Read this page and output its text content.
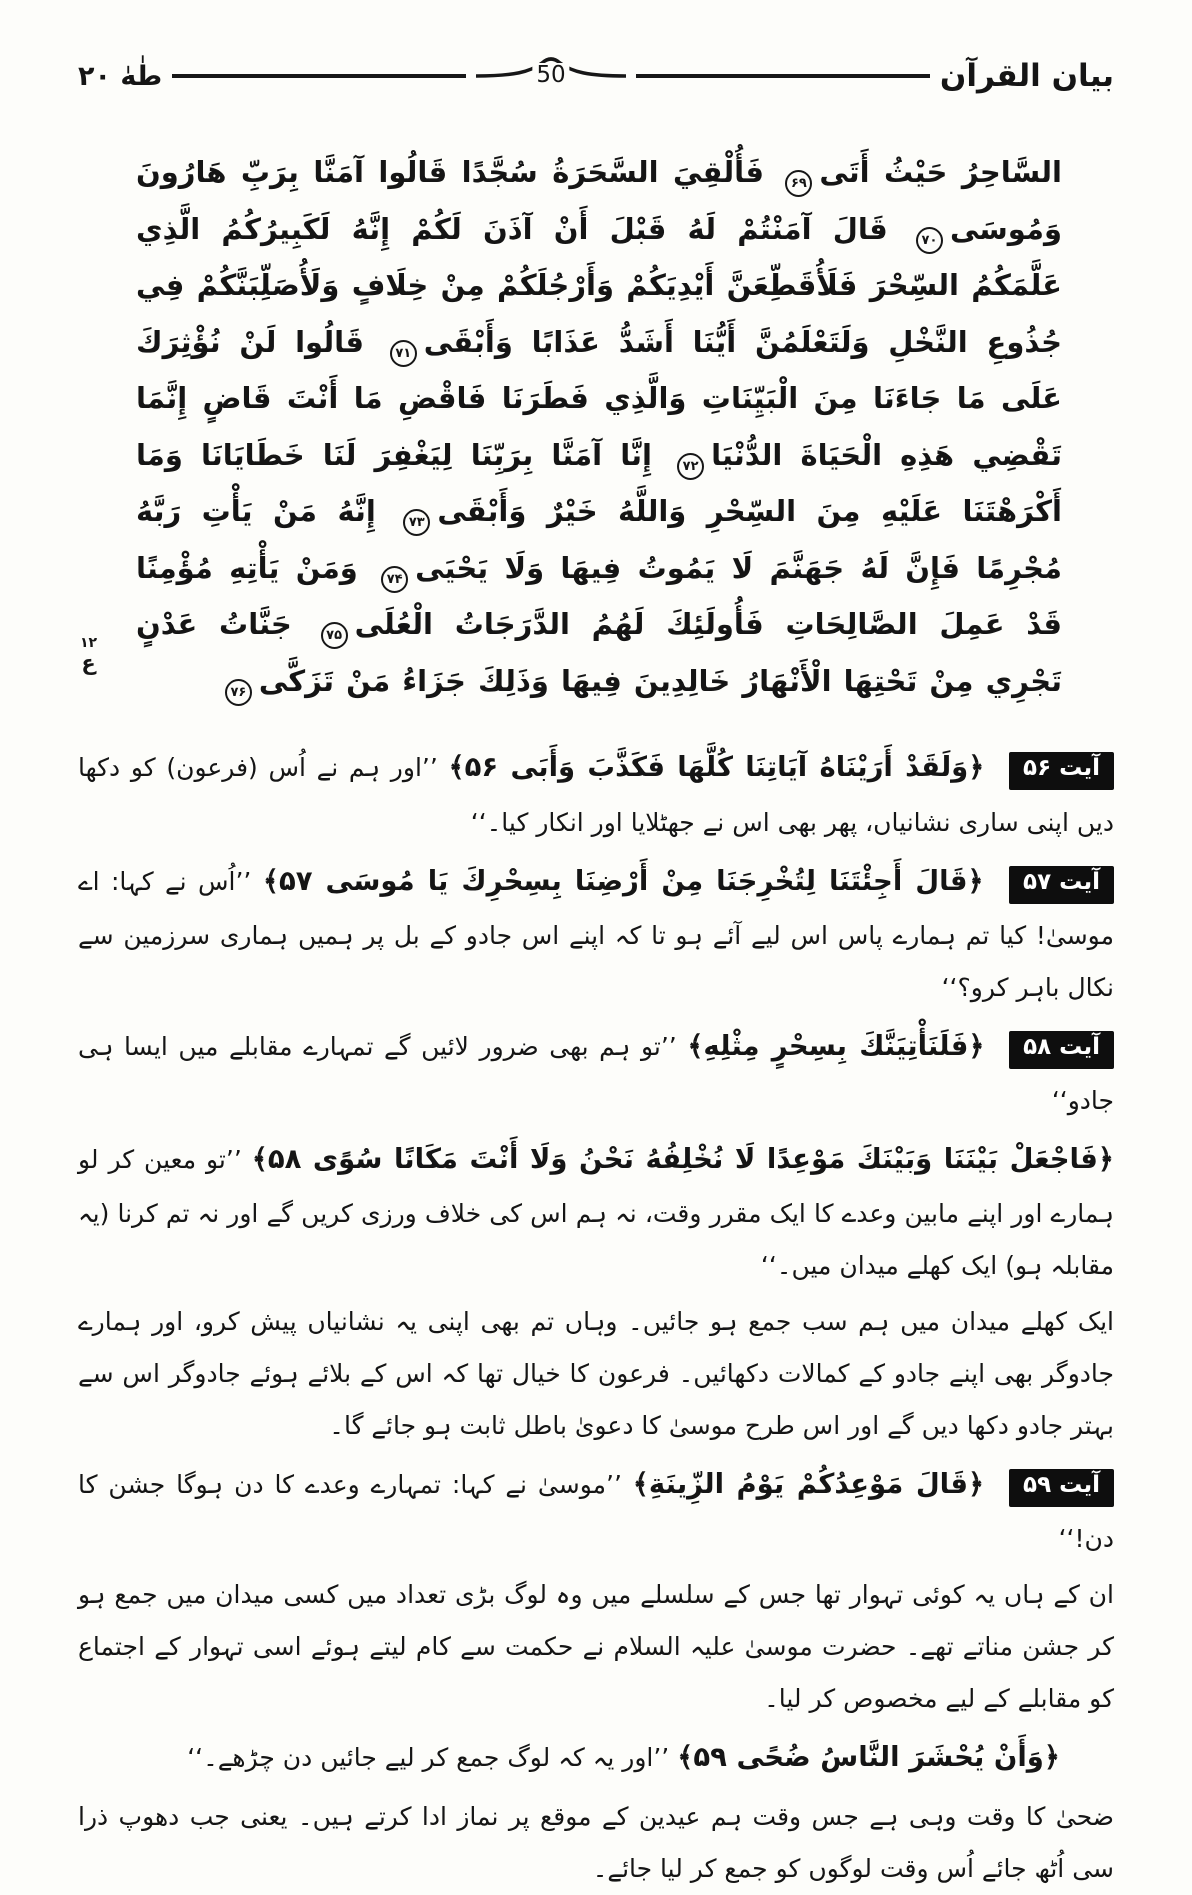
بیان القرآن
50
طٰهٰ ۲۰
السَّاحِرُ حَيْثُ أَتَى۶۹ فَأُلْقِيَ السَّحَرَةُ سُجَّدًا قَالُوا آمَنَّا بِرَبِّ هَارُونَ وَمُوسَى۷۰ قَالَ آمَنْتُمْ لَهُ قَبْلَ أَنْ آذَنَ لَكُمْ إِنَّهُ لَكَبِيرُكُمُ الَّذِي عَلَّمَكُمُ السِّحْرَ فَلَأُقَطِّعَنَّ أَيْدِيَكُمْ وَأَرْجُلَكُمْ مِنْ خِلَافٍ وَلَأُصَلِّبَنَّكُمْ فِي جُذُوعِ النَّخْلِ وَلَتَعْلَمُنَّ أَيُّنَا أَشَدُّ عَذَابًا وَأَبْقَى۷۱ قَالُوا لَنْ نُؤْثِرَكَ عَلَى مَا جَاءَنَا مِنَ الْبَيِّنَاتِ وَالَّذِي فَطَرَنَا فَاقْضِ مَا أَنْتَ قَاضٍ إِنَّمَا تَقْضِي هَذِهِ الْحَيَاةَ الدُّنْيَا۷۲ إِنَّا آمَنَّا بِرَبِّنَا لِيَغْفِرَ لَنَا خَطَايَانَا وَمَا أَكْرَهْتَنَا عَلَيْهِ مِنَ السِّحْرِ وَاللَّهُ خَيْرٌ وَأَبْقَى۷۳ إِنَّهُ مَنْ يَأْتِ رَبَّهُ مُجْرِمًا فَإِنَّ لَهُ جَهَنَّمَ لَا يَمُوتُ فِيهَا وَلَا يَحْيَى۷۴ وَمَنْ يَأْتِهِ مُؤْمِنًا قَدْ عَمِلَ الصَّالِحَاتِ فَأُولَئِكَ لَهُمُ الدَّرَجَاتُ الْعُلَى۷۵ جَنَّاتُ عَدْنٍ تَجْرِي مِنْ تَحْتِهَا الْأَنْهَارُ خَالِدِينَ فِيهَا وَذَلِكَ جَزَاءُ مَنْ تَزَكَّى۷۶
۱۲
ع

آیت ۵۶ ﴿وَلَقَدْ أَرَيْنَاهُ آيَاتِنَا كُلَّهَا فَكَذَّبَ وَأَبَى ۵۶﴾ ’’اور ہم نے اُس (فرعون) کو دکھا دیں اپنی ساری نشانیاں، پھر بھی اس نے جھٹلایا اور انکار کیا۔‘‘

آیت ۵۷ ﴿قَالَ أَجِئْتَنَا لِتُخْرِجَنَا مِنْ أَرْضِنَا بِسِحْرِكَ يَا مُوسَى ۵۷﴾ ’’اُس نے کہا: اے موسیٰ! کیا تم ہمارے پاس اس لیے آئے ہو تا کہ اپنے اس جادو کے بل پر ہمیں ہماری سرزمین سے نکال باہر کرو؟‘‘

آیت ۵۸ ﴿فَلَنَأْتِيَنَّكَ بِسِحْرٍ مِثْلِهِ﴾ ’’تو ہم بھی ضرور لائیں گے تمہارے مقابلے میں ایسا ہی جادو‘‘

﴿فَاجْعَلْ بَيْنَنَا وَبَيْنَكَ مَوْعِدًا لَا نُخْلِفُهُ نَحْنُ وَلَا أَنْتَ مَكَانًا سُوًى ۵۸﴾ ’’تو معین کر لو ہمارے اور اپنے مابین وعدے کا ایک مقرر وقت، نہ ہم اس کی خلاف ورزی کریں گے اور نہ تم کرنا (یہ مقابلہ ہو) ایک کھلے میدان میں۔‘‘

ایک کھلے میدان میں ہم سب جمع ہو جائیں۔ وہاں تم بھی اپنی یہ نشانیاں پیش کرو، اور ہمارے جادوگر بھی اپنے جادو کے کمالات دکھائیں۔ فرعون کا خیال تھا کہ اس کے بلائے ہوئے جادوگر اس سے بہتر جادو دکھا دیں گے اور اس طرح موسیٰ کا دعویٰ باطل ثابت ہو جائے گا۔

آیت ۵۹ ﴿قَالَ مَوْعِدُكُمْ يَوْمُ الزِّينَةِ﴾ ’’موسیٰ نے کہا: تمہارے وعدے کا دن ہوگا جشن کا دن!‘‘

ان کے ہاں یہ کوئی تہوار تھا جس کے سلسلے میں وہ لوگ بڑی تعداد میں کسی میدان میں جمع ہو کر جشن مناتے تھے۔ حضرت موسیٰ علیہ السلام نے حکمت سے کام لیتے ہوئے اسی تہوار کے اجتماع کو مقابلے کے لیے مخصوص کر لیا۔

﴿وَأَنْ يُحْشَرَ النَّاسُ ضُحًى ۵۹﴾ ’’اور یہ کہ لوگ جمع کر لیے جائیں دن چڑھے۔‘‘

ضحیٰ کا وقت وہی ہے جس وقت ہم عیدین کے موقع پر نماز ادا کرتے ہیں۔ یعنی جب دھوپ ذرا سی اُٹھ جائے اُس وقت لوگوں کو جمع کر لیا جائے۔
